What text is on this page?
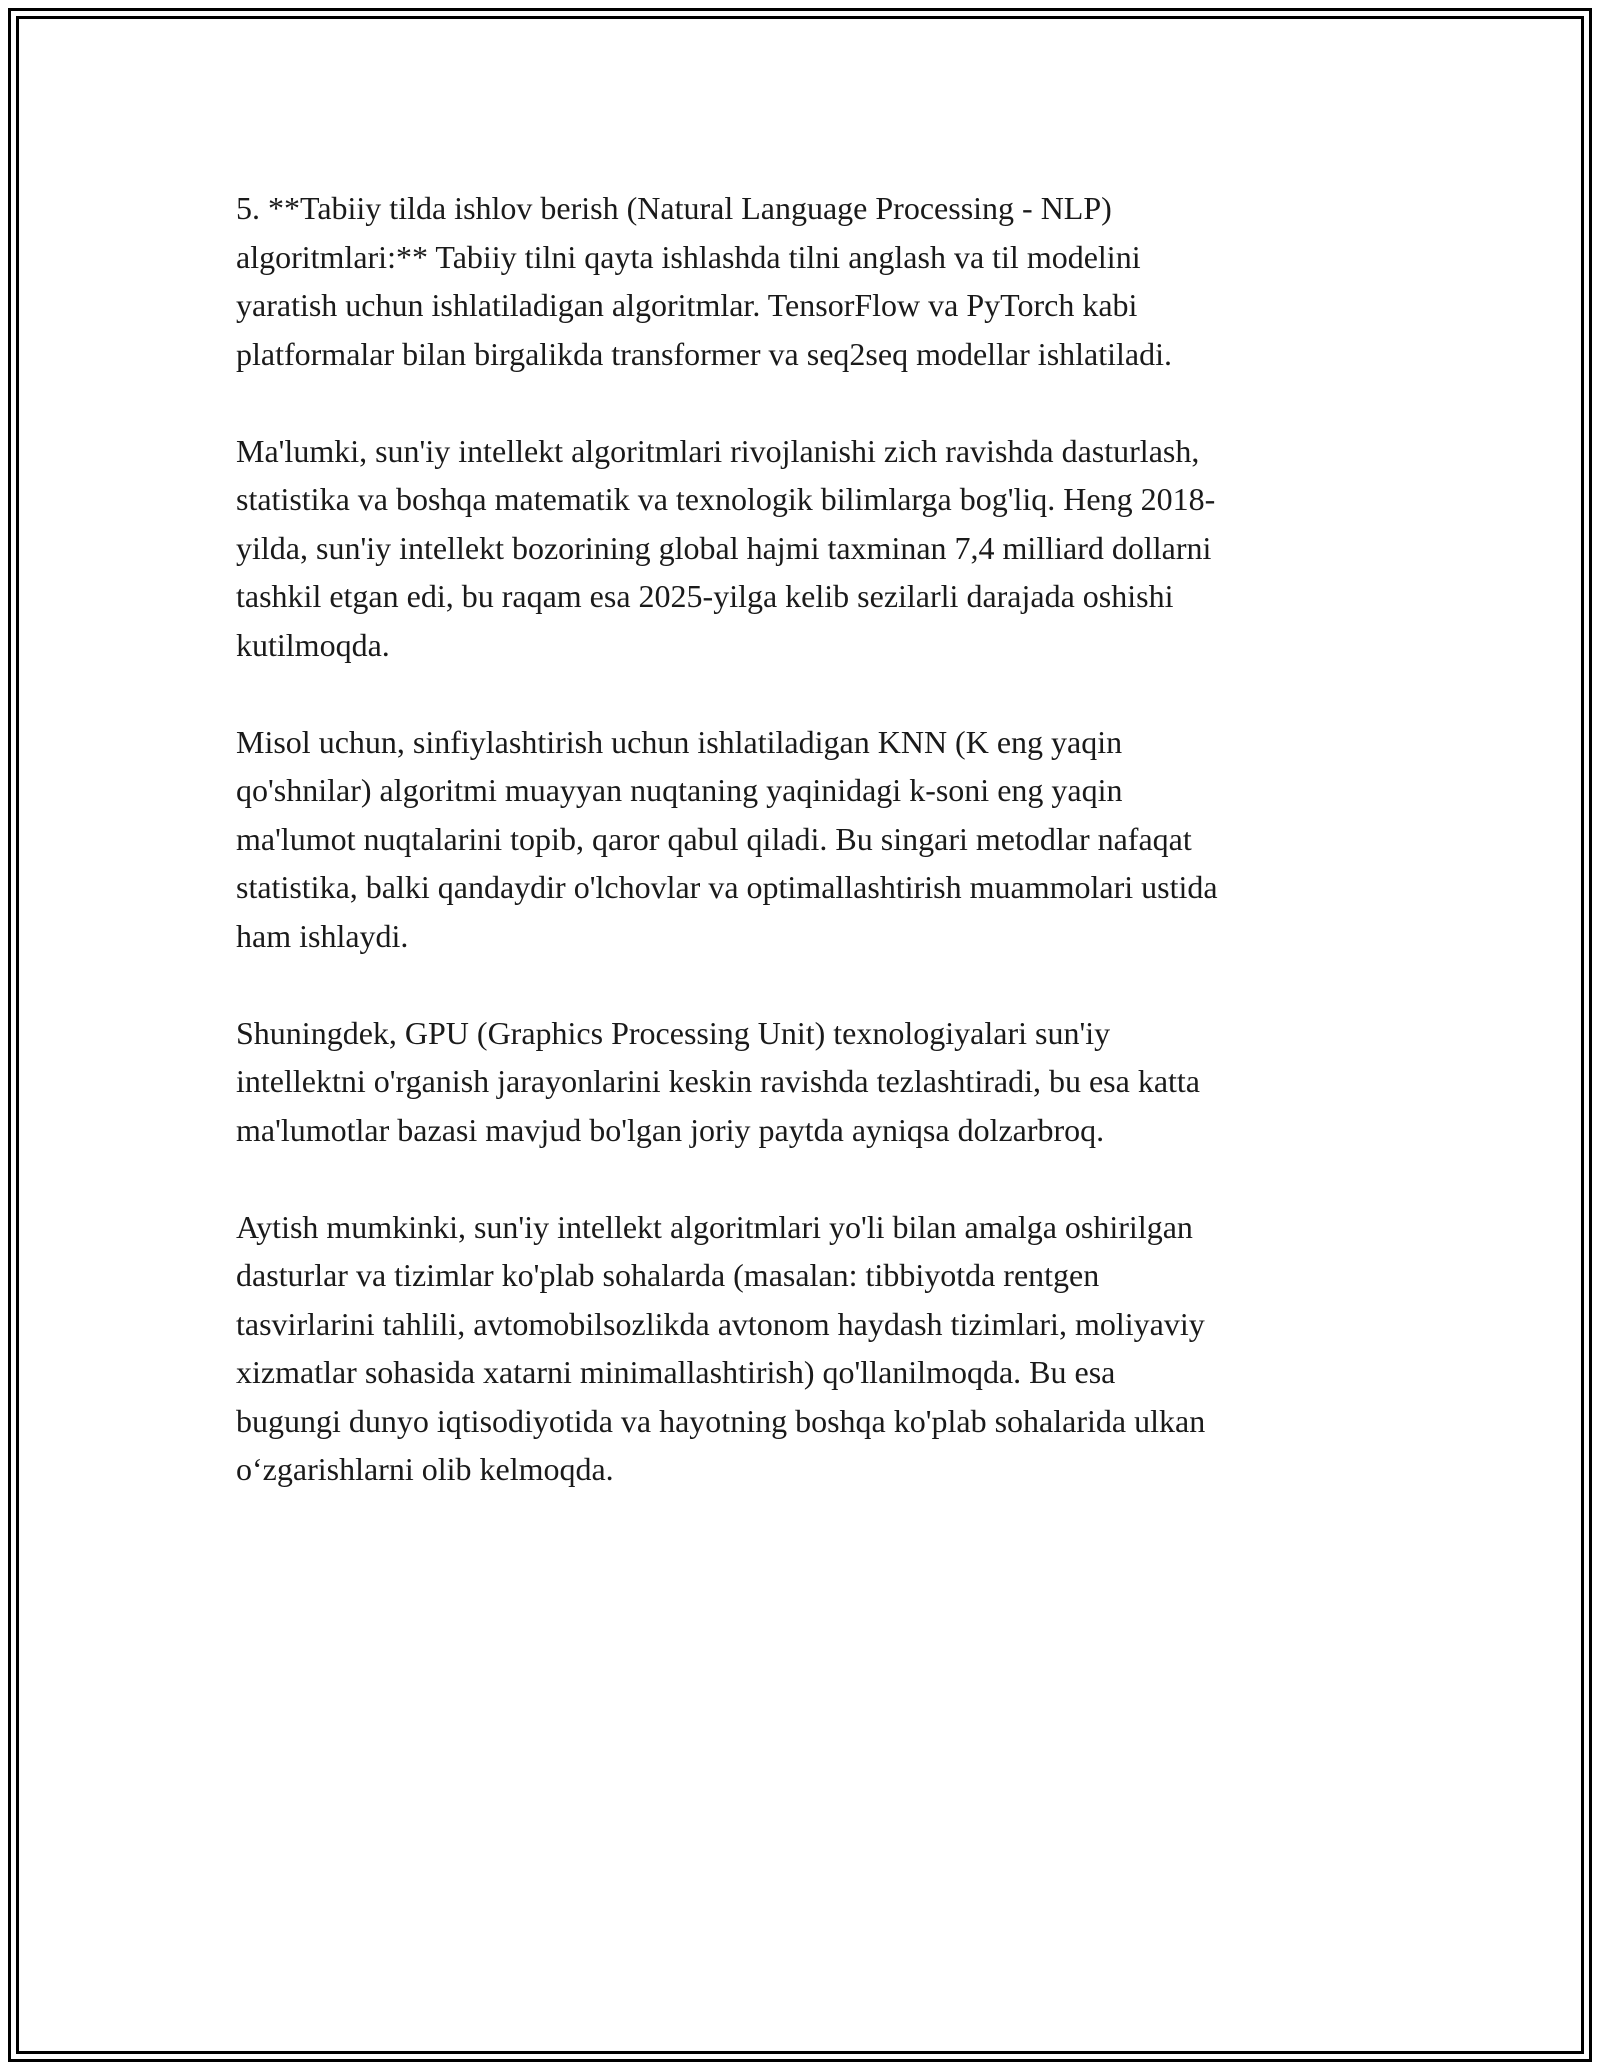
5. **Tabiiy tilda ishlov berish (Natural Language Processing - NLP)
algoritmlari:** Tabiiy tilni qayta ishlashda tilni anglash va til modelini
yaratish uchun ishlatiladigan algoritmlar. TensorFlow va PyTorch kabi
platformalar bilan birgalikda transformer va seq2seq modellar ishlatiladi.

Ma'lumki, sun'iy intellekt algoritmlari rivojlanishi zich ravishda dasturlash,
statistika va boshqa matematik va texnologik bilimlarga bog'liq. Heng 2018-
yilda, sun'iy intellekt bozorining global hajmi taxminan 7,4 milliard dollarni
tashkil etgan edi, bu raqam esa 2025-yilga kelib sezilarli darajada oshishi
kutilmoqda.

Misol uchun, sinfiylashtirish uchun ishlatiladigan KNN (K eng yaqin
qo'shnilar) algoritmi muayyan nuqtaning yaqinidagi k-soni eng yaqin
ma'lumot nuqtalarini topib, qaror qabul qiladi. Bu singari metodlar nafaqat
statistika, balki qandaydir o'lchovlar va optimallashtirish muammolari ustida
ham ishlaydi.

Shuningdek, GPU (Graphics Processing Unit) texnologiyalari sun'iy
intellektni o'rganish jarayonlarini keskin ravishda tezlashtiradi, bu esa katta
ma'lumotlar bazasi mavjud bo'lgan joriy paytda ayniqsa dolzarbroq.

Aytish mumkinki, sun'iy intellekt algoritmlari yo'li bilan amalga oshirilgan
dasturlar va tizimlar ko'plab sohalarda (masalan: tibbiyotda rentgen
tasvirlarini tahlili, avtomobilsozlikda avtonom haydash tizimlari, moliyaviy
xizmatlar sohasida xatarni minimallashtirish) qo'llanilmoqda. Bu esa
bugungi dunyo iqtisodiyotida va hayotning boshqa ko'plab sohalarida ulkan
o‘zgarishlarni olib kelmoqda.
